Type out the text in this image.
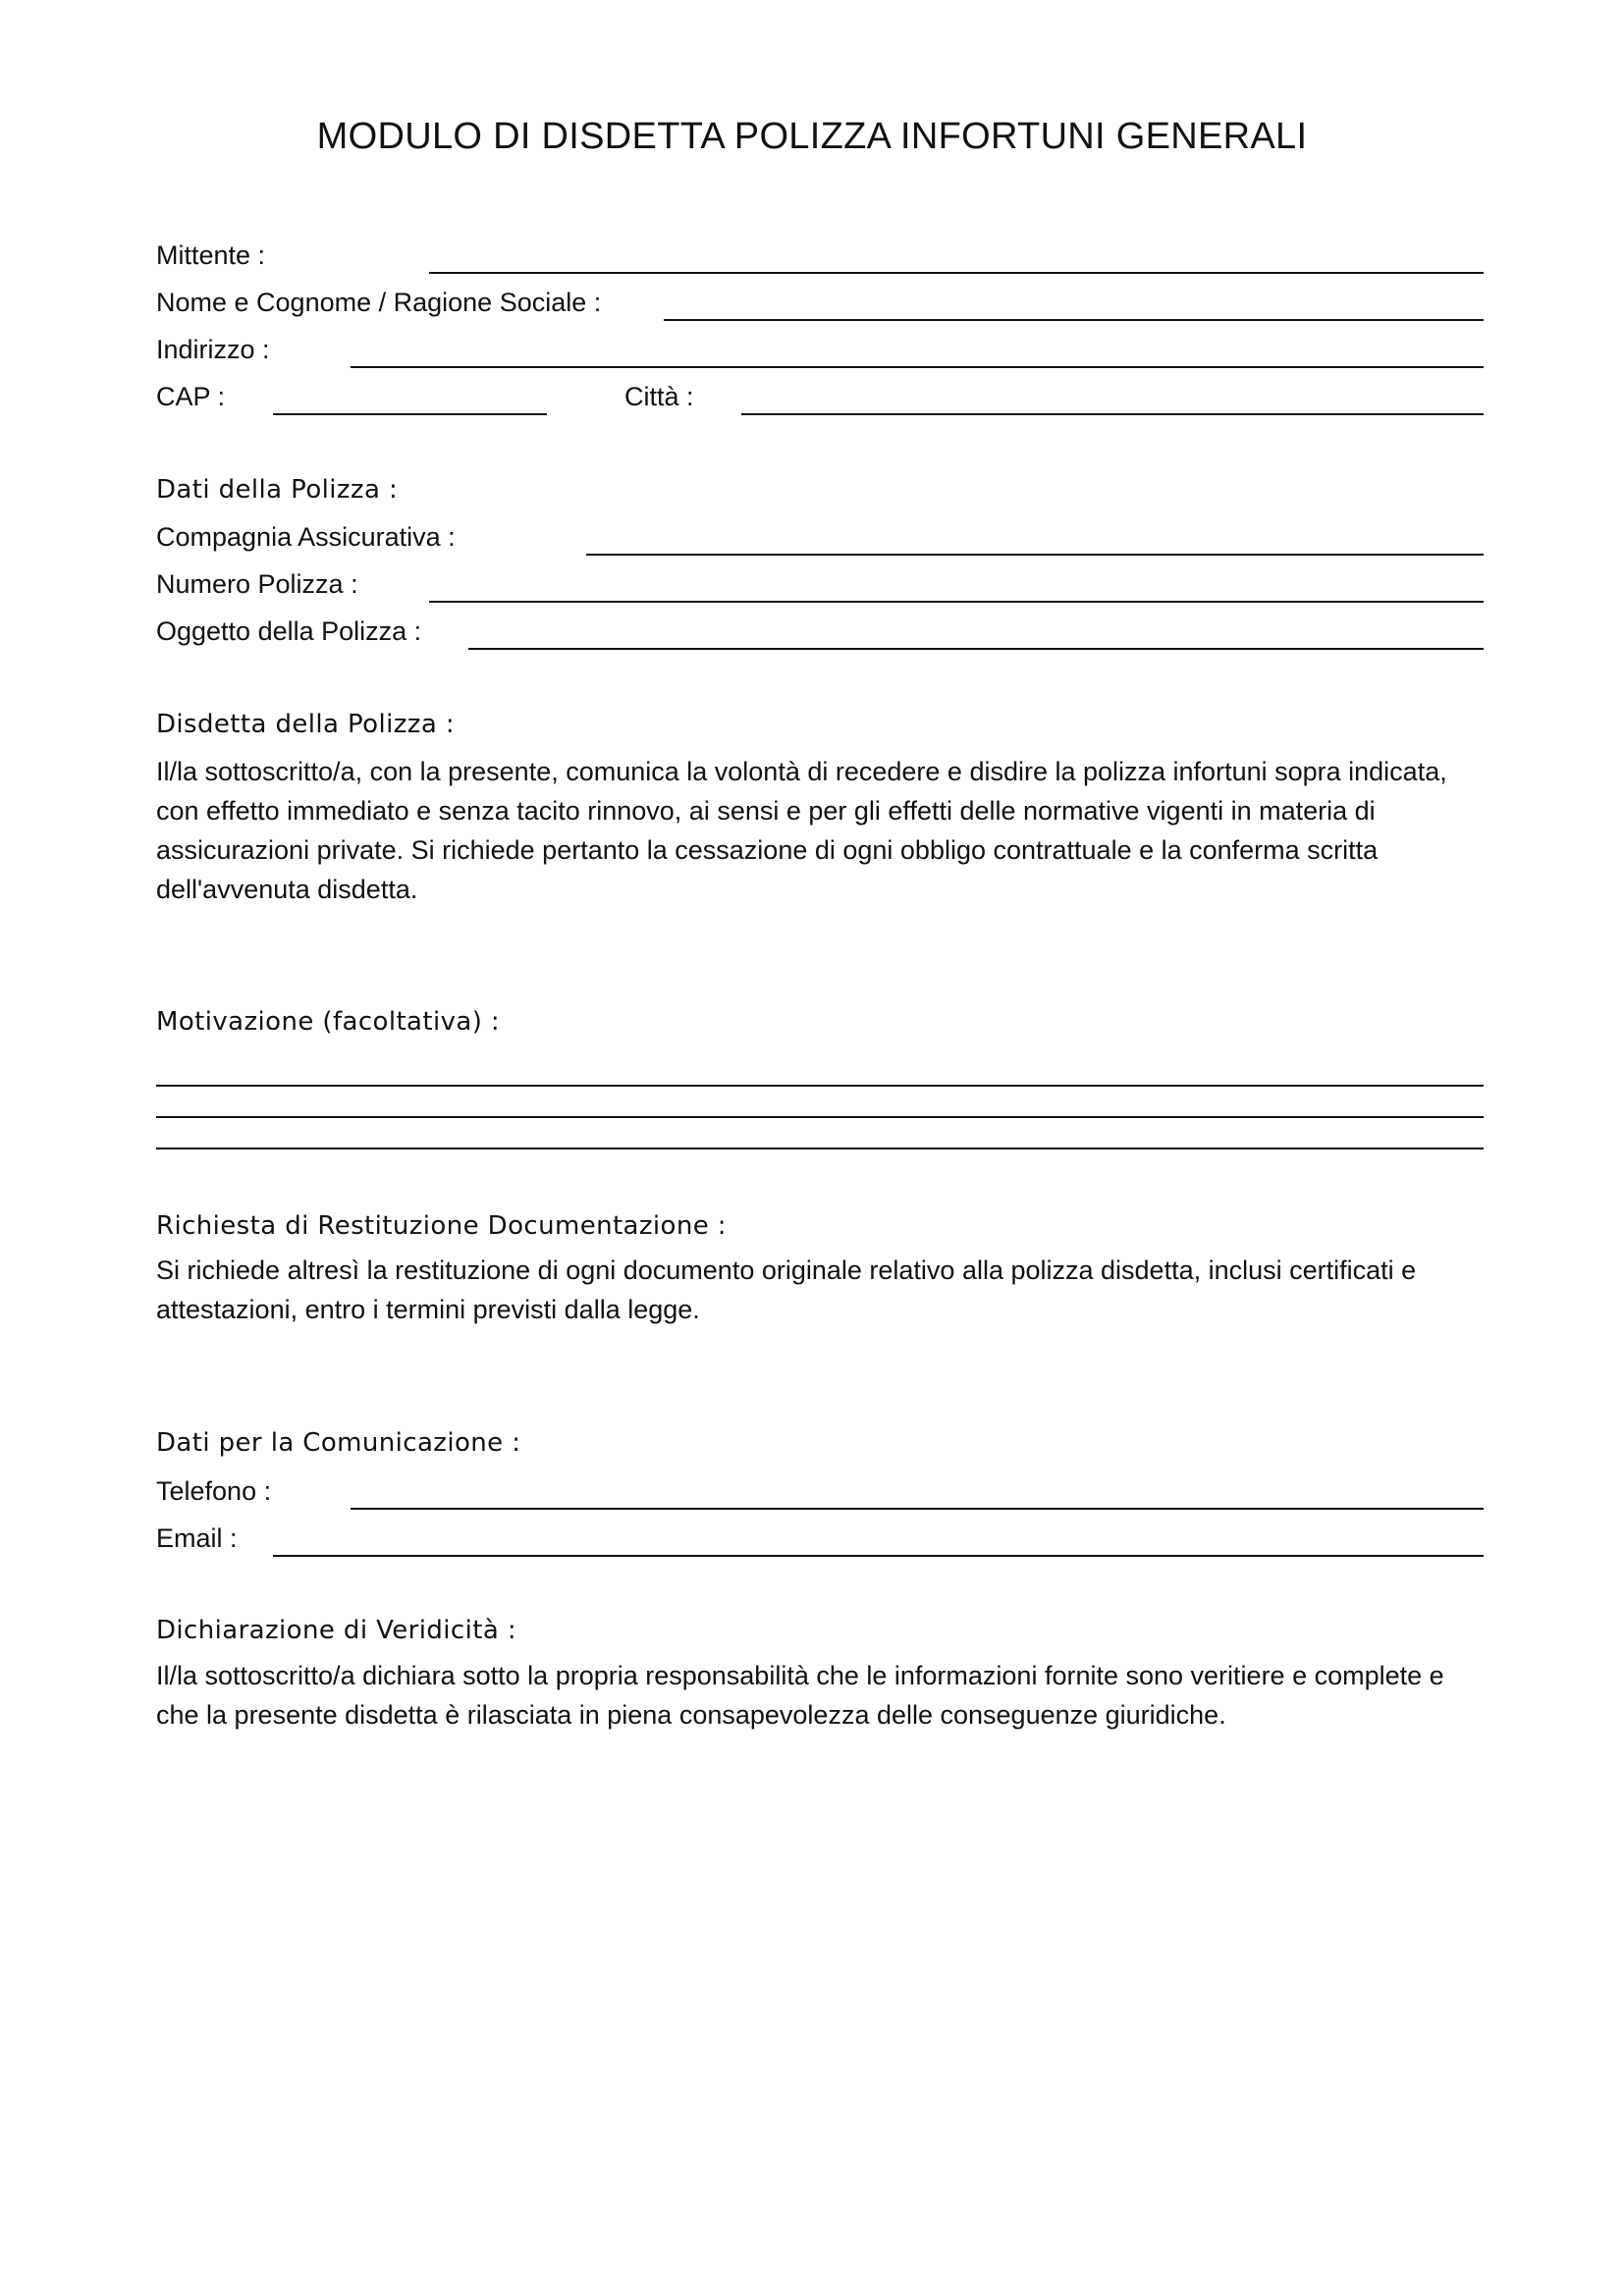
MODULO DI DISDETTA POLIZZA INFORTUNI GENERALI
Mittente :
Nome e Cognome / Ragione Sociale :
Indirizzo :
CAP :	Città :
Dati della Polizza :
Compagnia Assicurativa :
Numero Polizza :
Oggetto della Polizza :
Disdetta della Polizza :
Il/la sottoscritto/a, con la presente, comunica la volontà di recedere e disdire la polizza infortuni sopra indicata, con effetto immediato e senza tacito rinnovo, ai sensi e per gli effetti delle normative vigenti in materia di assicurazioni private. Si richiede pertanto la cessazione di ogni obbligo contrattuale e la conferma scritta dell'avvenuta disdetta.
Motivazione (facoltativa) :
Richiesta di Restituzione Documentazione :
Si richiede altresì la restituzione di ogni documento originale relativo alla polizza disdetta, inclusi certificati e attestazioni, entro i termini previsti dalla legge.
Dati per la Comunicazione :
Telefono :
Email :
Dichiarazione di Veridicità :
Il/la sottoscritto/a dichiara sotto la propria responsabilità che le informazioni fornite sono veritiere e complete e che la presente disdetta è rilasciata in piena consapevolezza delle conseguenze giuridiche.
